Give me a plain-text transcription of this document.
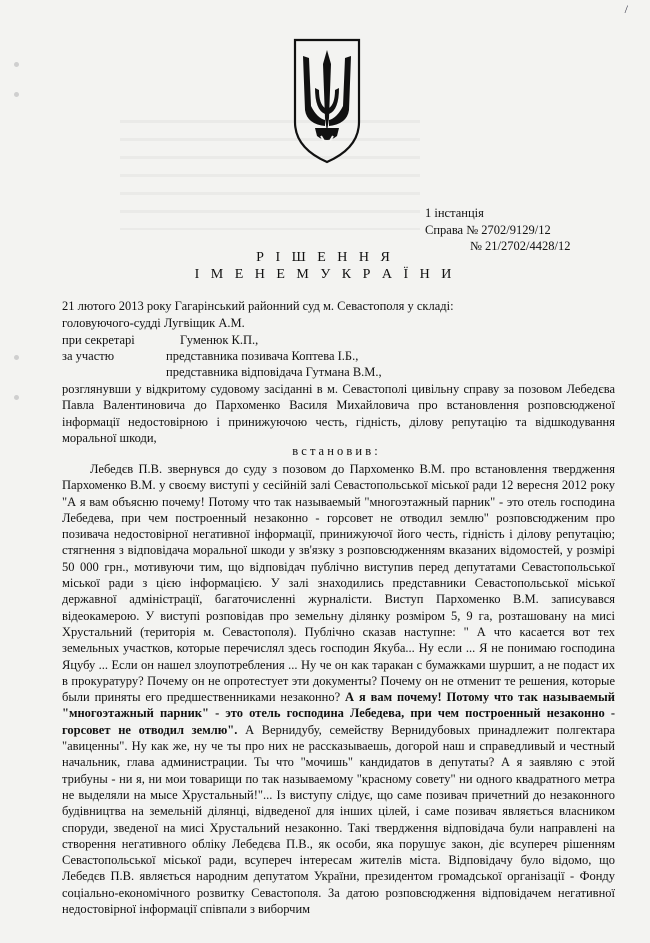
/
1 інстанція
Справа № 2702/9129/12
№ 21/2702/4428/12
Р І Ш Е Н Н Я
І М Е Н Е М У К Р А Ї Н И
21 лютого 2013 року Гагарінський районний суд м. Севастополя у складі:
головуючого-судді Лугвіщик А.М.
при секретарі	Гуменюк К.П.,
за участю	представника позивача Коптева І.Б.,
представника відповідача Гутмана В.М.,

розглянувши у відкритому судовому засіданні в м. Севастополі цивільну справу за позовом Лебедєва Павла Валентиновича до Пархоменко Василя Михайловича про встановлення розповсюдженої інформації недостовірною і принижуючою честь, гідність, ділову репутацію та відшкодування моральної шкоди,

в с т а н о в и в :

Лебедєв П.В. звернувся до суду з позовом до Пархоменко В.М. про встановлення твердження Пархоменко В.М. у своєму виступі у сесійній залі Севастопольської міської ради 12 вересня 2012 року "А я вам объясню почему! Потому что так называемый "многоэтажный парник" - это отель господина Лебедева, при чем построенный незаконно - горсовет не отводил землю" розповсюдженим про позивача недостовірної негативної інформації, принижуючої його честь, гідність і ділову репутацію; стягнення з відповідача моральної шкоди у зв'язку з розповсюдженням вказаних відомостей, у розмірі 50 000 грн., мотивуючи тим, що відповідач публічно виступив перед депутатами Севастопольської міської ради з цією інформацією. У залі знаходились представники Севастопольської міської державної адміністрації, багаточисленні журналісти. Виступ Пархоменко В.М. записувався відеокамерою. У виступі розповідав про земельну ділянку розміром 5, 9 га, розташовану на мисі Хрустальний (територія м. Севастополя). Публічно сказав наступне: " А что касается вот тех земельных участков, которые перечислял здесь господин Якуба... Ну если ... Я не понимаю господина Яцубу ... Если он нашел злоупотребления ... Ну че он как таракан с бумажками шуршит, а не подаст их в прокуратуру? Почему он не опротестует эти документы? Почему он не отменит те решения, которые были приняты его предшественниками незаконно? А я вам почему! Потому что так называемый "многоэтажный парник" - это отель господина Лебедева, при чем построенный незаконно - горсовет не отводил землю". А Вернидубу, семейству Вернидубовых принадлежит полгектара "авиценны". Ну как же, ну че ты про них не рассказываешь, догорой наш и справедливый и честный начальник, глава администрации. Ты что "мочишь" кандидатов в депутаты? А я заявляю с этой трибуны - ни я, ни мои товарищи по так называемому "красному совету" ни одного квадратного метра не выделяли на мысе Хрустальный!"... Із виступу слідує, що саме позивач причетний до незаконного будівництва на земельній ділянці, відведеної для інших цілей, і саме позивач являється власником споруди, зведеної на мисі Хрустальний незаконно. Такі твердження відповідача були направлені на створення негативного обліку Лебедєва П.В., як особи, яка порушує закон, діє всупереч рішенням Севастопольської міської ради, всупереч інтересам жителів міста. Відповідачу було відомо, що Лебедєв П.В. являється народним депутатом України, президентом громадської організації - Фонду соціально-економічного розвитку Севастополя. За датою розповсюдження відповідачем негативної недостовірної інформації співпали з виборчим
